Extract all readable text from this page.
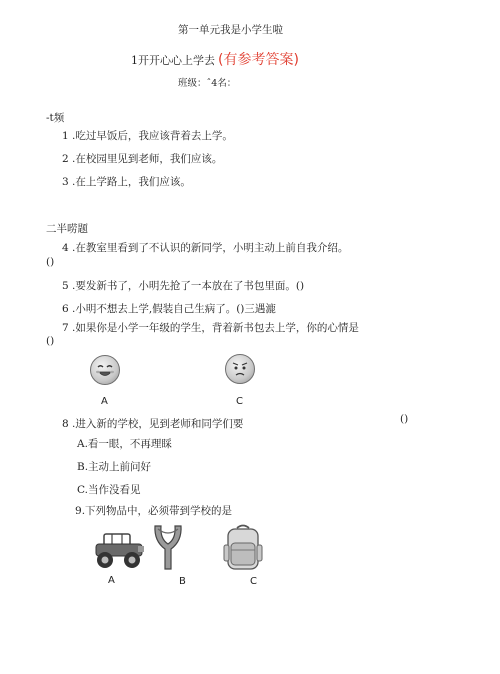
第一单元我是小学生啦
1开开心心上学去 (有参考答案)
班级：ˆ4名：
-t频
1 .吃过早饭后，我应该背着去上学。
2 .在校园里见到老师，我们应该。
3 .在上学路上，我们应该。
二半唠题
4 .在教室里看到了不认识的新同学，小明主动上前自我介绍。
()
5 .要发新书了，小明先抢了一本放在了书包里面。()
6 .小明不想去上学,假装自己生病了。()三遇漉
7 .如果你是小学一年级的学生，背着新书包去上学，你的心情是
()
A	C
8 .进入新的学校，见到老师和同学们要	()
A.看一眼，不再理睬
B.主动上前问好
C.当作没看见
9.下列物品中，必须带到学校的是
A	B	C
